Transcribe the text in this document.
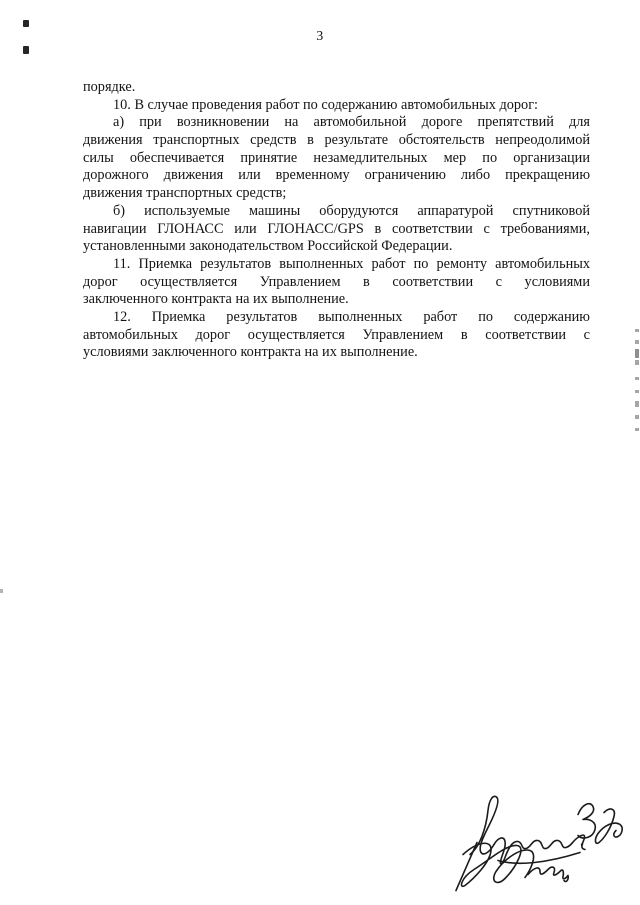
3
порядке.
10. В случае проведения работ по содержанию автомобильных дорог:
а) при возникновении на автомобильной дороге препятствий для
движения транспортных средств в результате обстоятельств непреодолимой
силы обеспечивается принятие незамедлительных мер по организации
дорожного движения или временному ограничению либо прекращению
движения транспортных средств;
б) используемые машины оборудуются аппаратурой спутниковой
навигации ГЛОНАСС или ГЛОНАСС/GPS в соответствии с требованиями,
установленными законодательством Российской Федерации.
11. Приемка результатов выполненных работ по ремонту автомобильных
дорог осуществляется Управлением в соответствии с условиями
заключенного контракта на их выполнение.
12. Приемка результатов выполненных работ по содержанию
автомобильных дорог осуществляется Управлением в соответствии с
условиями заключенного контракта на их выполнение.
